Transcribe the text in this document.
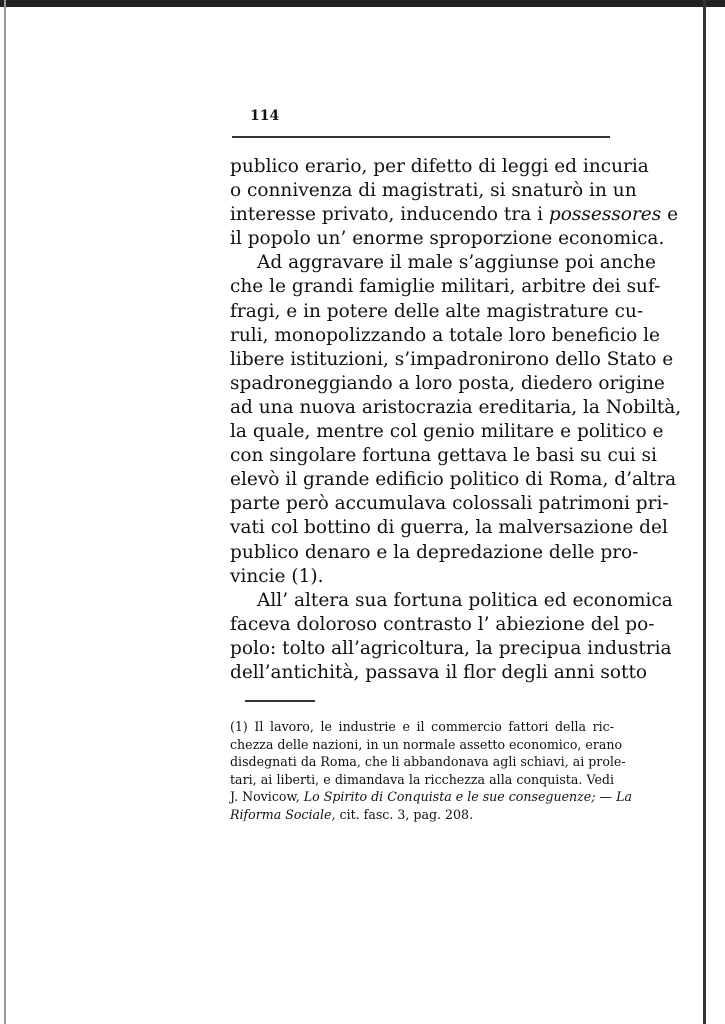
114
publico erario, per difetto di leggi ed incuria
o connivenza di magistrati, si snaturò in un
interesse privato, inducendo tra i possessores e
il popolo un’ enorme sproporzione economica.
Ad aggravare il male s’aggiunse poi anche
che le grandi famiglie militari, arbitre dei suf-
fragi, e in potere delle alte magistrature cu-
ruli, monopolizzando a totale loro beneficio le
libere istituzioni, s’impadronirono dello Stato e
spadroneggiando a loro posta, diedero origine
ad una nuova aristocrazia ereditaria, la Nobiltà,
la quale, mentre col genio militare e politico e
con singolare fortuna gettava le basi su cui si
elevò il grande edificio politico di Roma, d’altra
parte però accumulava colossali patrimoni pri-
vati col bottino di guerra, la malversazione del
publico denaro e la depredazione delle pro-
vincie (1).
All’ altera sua fortuna politica ed economica
faceva doloroso contrasto l’ abiezione del po-
polo: tolto all’agricoltura, la precipua industria
dell’antichità, passava il flor degli anni sotto
(1) Il lavoro, le industrie e il commercio fattori della ric-
chezza delle nazioni, in un normale assetto economico, erano
disdegnati da Roma, che li abbandonava agli schiavi, ai prole-
tari, ai liberti, e dimandava la ricchezza alla conquista. Vedi
J. Novicow, Lo Spirito di Conquista e le sue conseguenze; — La
Riforma Sociale, cit. fasc. 3, pag. 208.
